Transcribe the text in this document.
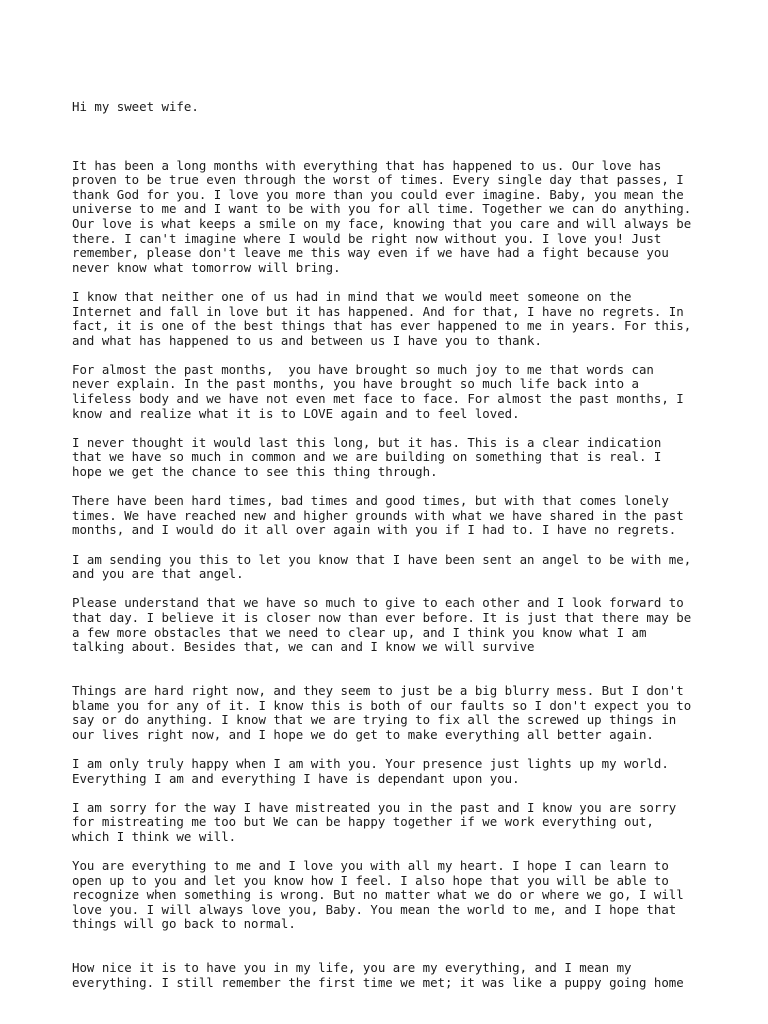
Hi my sweet wife.

It has been a long months with everything that has happened to us. Our love has
proven to be true even through the worst of times. Every single day that passes, I
thank God for you. I love you more than you could ever imagine. Baby, you mean the
universe to me and I want to be with you for all time. Together we can do anything.
Our love is what keeps a smile on my face, knowing that you care and will always be
there. I can't imagine where I would be right now without you. I love you! Just
remember, please don't leave me this way even if we have had a fight because you
never know what tomorrow will bring.
I know that neither one of us had in mind that we would meet someone on the
Internet and fall in love but it has happened. And for that, I have no regrets. In
fact, it is one of the best things that has ever happened to me in years. For this,
and what has happened to us and between us I have you to thank.
For almost the past months,  you have brought so much joy to me that words can
never explain. In the past months, you have brought so much life back into a
lifeless body and we have not even met face to face. For almost the past months, I
know and realize what it is to LOVE again and to feel loved.
I never thought it would last this long, but it has. This is a clear indication
that we have so much in common and we are building on something that is real. I
hope we get the chance to see this thing through.
There have been hard times, bad times and good times, but with that comes lonely
times. We have reached new and higher grounds with what we have shared in the past
months, and I would do it all over again with you if I had to. I have no regrets.
I am sending you this to let you know that I have been sent an angel to be with me,
and you are that angel.
Please understand that we have so much to give to each other and I look forward to
that day. I believe it is closer now than ever before. It is just that there may be
a few more obstacles that we need to clear up, and I think you know what I am
talking about. Besides that, we can and I know we will survive
Things are hard right now, and they seem to just be a big blurry mess. But I don't
blame you for any of it. I know this is both of our faults so I don't expect you to
say or do anything. I know that we are trying to fix all the screwed up things in
our lives right now, and I hope we do get to make everything all better again.
I am only truly happy when I am with you. Your presence just lights up my world.
Everything I am and everything I have is dependant upon you.
I am sorry for the way I have mistreated you in the past and I know you are sorry
for mistreating me too but We can be happy together if we work everything out,
which I think we will.
You are everything to me and I love you with all my heart. I hope I can learn to
open up to you and let you know how I feel. I also hope that you will be able to
recognize when something is wrong. But no matter what we do or where we go, I will
love you. I will always love you, Baby. You mean the world to me, and I hope that
things will go back to normal.
How nice it is to have you in my life, you are my everything, and I mean my
everything. I still remember the first time we met; it was like a puppy going home
